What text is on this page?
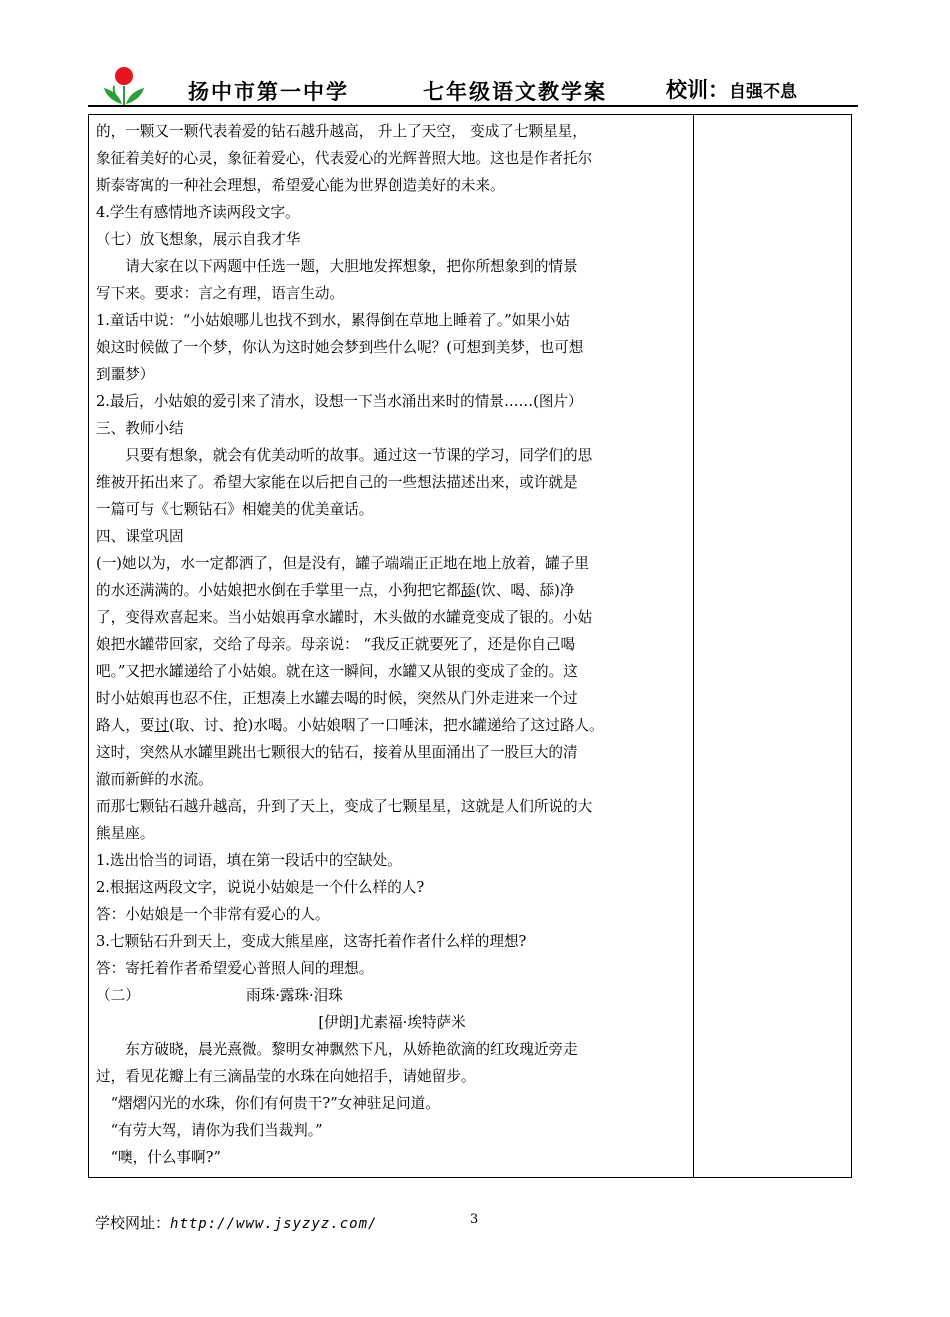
扬中市第一中学	七年级语文教学案	校训：自强不息

的，一颗又一颗代表着爱的钻石越升越高， 升上了天空， 变成了七颗星星，

象征着美好的心灵，象征着爱心，代表爱心的光辉普照大地。这也是作者托尔

斯泰寄寓的一种社会理想，希望爱心能为世界创造美好的未来。

4.学生有感情地齐读两段文字。

（七）放飞想象，展示自我才华

请大家在以下两题中任选一题，大胆地发挥想象，把你所想象到的情景

写下来。要求：言之有理，语言生动。

1.童话中说：“小姑娘哪儿也找不到水，累得倒在草地上睡着了。”如果小姑

娘这时候做了一个梦，你认为这时她会梦到些什么呢？(可想到美梦，也可想

到噩梦）

2.最后，小姑娘的爱引来了清水，设想一下当水涌出来时的情景……(图片）

三、教师小结

只要有想象，就会有优美动听的故事。通过这一节课的学习，同学们的思

维被开拓出来了。希望大家能在以后把自己的一些想法描述出来，或许就是

一篇可与《七颗钻石》相媲美的优美童话。

四、课堂巩固

(一)她以为，水一定都洒了，但是没有，罐子端端正正地在地上放着，罐子里

的水还满满的。小姑娘把水倒在手掌里一点，小狗把它都舔(饮、喝、舔)净

了，变得欢喜起来。当小姑娘再拿水罐时，木头做的水罐竟变成了银的。小姑

娘把水罐带回家，交给了母亲。母亲说： “我反正就要死了，还是你自己喝

吧。”又把水罐递给了小姑娘。就在这一瞬间，水罐又从银的变成了金的。这

时小姑娘再也忍不住，正想凑上水罐去喝的时候，突然从门外走进来一个过

路人，要讨(取、讨、抢)水喝。小姑娘咽了一口唾沫，把水罐递给了这过路人。

这时，突然从水罐里跳出七颗很大的钻石，接着从里面涌出了一股巨大的清

澈而新鲜的水流。

而那七颗钻石越升越高，升到了天上，变成了七颗星星，这就是人们所说的大

熊星座。

1.选出恰当的词语，填在第一段话中的空缺处。

2.根据这两段文字，说说小姑娘是一个什么样的人?

答：小姑娘是一个非常有爱心的人。

3.七颗钻石升到天上，变成大熊星座，这寄托着作者什么样的理想?

答：寄托着作者希望爱心普照人间的理想。

（二）	雨珠·露珠·泪珠

[伊朗]尤素福·埃特萨米

东方破晓，晨光熹微。黎明女神飘然下凡，从娇艳欲滴的红玫瑰近旁走

过，看见花瓣上有三滴晶莹的水珠在向她招手，请她留步。

“熠熠闪光的水珠，你们有何贵干?”女神驻足问道。

“有劳大驾，请你为我们当裁判。”

“噢，什么事啊?”

学校网址：http://www.jsyzyz.com/	3
